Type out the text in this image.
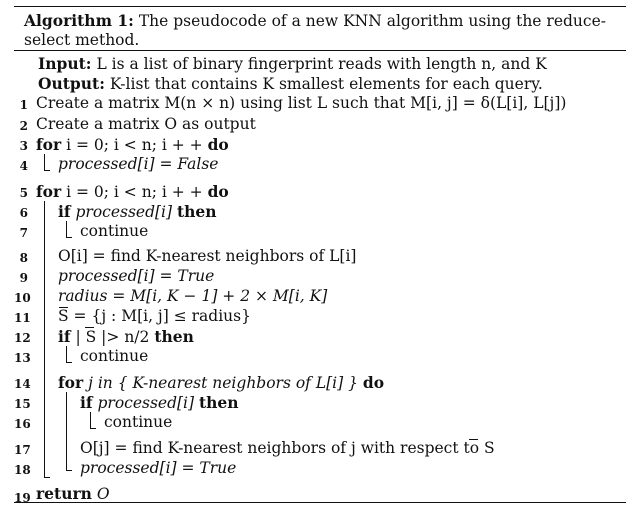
Algorithm 1: The pseudocode of a new KNN algorithm using the reduce-select method.
Input: L is a list of binary fingerprint reads with length n, and K
Output: K-list that contains K smallest elements for each query.
1 Create a matrix M(n × n) using list L such that M[i, j] = δ(L[i], L[j])
2 Create a matrix O as output
3 for i = 0; i < n; i + + do
4 processed[i] = False
5 for i = 0; i < n; i + + do
6 if processed[i] then
7	continue
8 O[i] = find K-nearest neighbors of L[i]
9 processed[i] = True
10 radius = M[i, K − 1] + 2 × M[i, K]
11 S = {j : M[i, j] ≤ radius}
12 if | S |> n/2 then
13	continue
14 for j in { K-nearest neighbors of L[i] } do
15	if processed[i] then
16	continue
17	O[j] = find K-nearest neighbors of j with respect to S
18	processed[i] = True
19 return O
